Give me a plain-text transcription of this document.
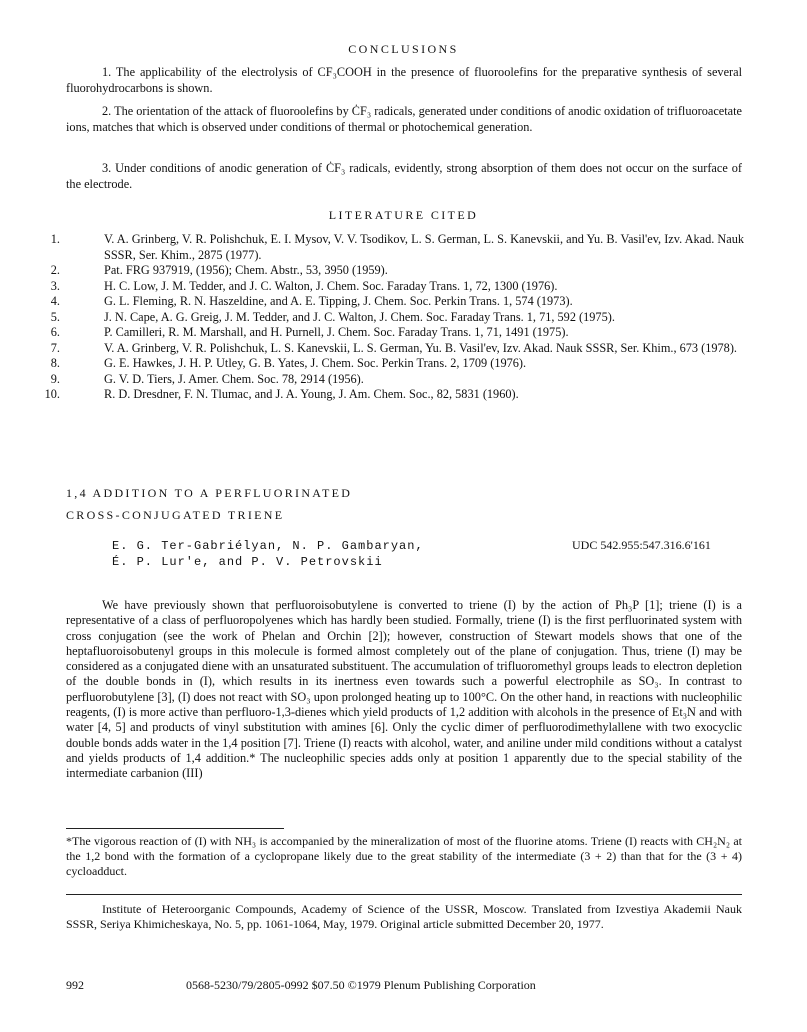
CONCLUSIONS
1. The applicability of the electrolysis of CF₃COOH in the presence of fluoroolefins for the preparative synthesis of several fluorohydrocarbons is shown.
2. The orientation of the attack of fluoroolefins by ĊF₃ radicals, generated under conditions of anodic oxidation of trifluoroacetate ions, matches that which is observed under conditions of thermal or photochemical generation.
3. Under conditions of anodic generation of ĊF₃ radicals, evidently, strong absorption of them does not occur on the surface of the electrode.
LITERATURE CITED
1.	V. A. Grinberg, V. R. Polishchuk, E. I. Mysov, V. V. Tsodikov, L. S. German, L. S. Kanevskii, and Yu. B. Vasil'ev, Izv. Akad. Nauk SSSR, Ser. Khim., 2875 (1977).
2.	Pat. FRG 937919, (1956); Chem. Abstr., 53, 3950 (1959).
3.	H. C. Low, J. M. Tedder, and J. C. Walton, J. Chem. Soc. Faraday Trans. 1, 72, 1300 (1976).
4.	G. L. Fleming, R. N. Haszeldine, and A. E. Tipping, J. Chem. Soc. Perkin Trans. 1, 574 (1973).
5.	J. N. Cape, A. G. Greig, J. M. Tedder, and J. C. Walton, J. Chem. Soc. Faraday Trans. 1, 71, 592 (1975).
6.	P. Camilleri, R. M. Marshall, and H. Purnell, J. Chem. Soc. Faraday Trans. 1, 71, 1491 (1975).
7.	V. A. Grinberg, V. R. Polishchuk, L. S. Kanevskii, L. S. German, Yu. B. Vasil'ev, Izv. Akad. Nauk SSSR, Ser. Khim., 673 (1978).
8.	G. E. Hawkes, J. H. P. Utley, G. B. Yates, J. Chem. Soc. Perkin Trans. 2, 1709 (1976).
9.	G. V. D. Tiers, J. Amer. Chem. Soc. 78, 2914 (1956).
10.	R. D. Dresdner, F. N. Tlumac, and J. A. Young, J. Am. Chem. Soc., 82, 5831 (1960).
1,4 ADDITION TO A PERFLUORINATED
CROSS-CONJUGATED TRIENE
E. G. Ter-Gabriélyan, N. P. Gambaryan,
É. P. Lur'e, and P. V. Petrovskii
UDC 542.955:547.316.6'161
We have previously shown that perfluoroisobutylene is converted to triene (I) by the action of Ph₃P [1]; triene (I) is a representative of a class of perfluoropolyenes which has hardly been studied. Formally, triene (I) is the first perfluorinated system with cross conjugation (see the work of Phelan and Orchin [2]); however, construction of Stewart models shows that one of the heptafluoroisobutenyl groups in this molecule is formed almost completely out of the plane of conjugation. Thus, triene (I) may be considered as a conjugated diene with an unsaturated substituent. The accumulation of trifluoromethyl groups leads to electron depletion of the double bonds in (I), which results in its inertness even towards such a powerful electrophile as SO₃. In contrast to perfluorobutylene [3], (I) does not react with SO₃ upon prolonged heating up to 100°C. On the other hand, in reactions with nucleophilic reagents, (I) is more active than perfluoro-1,3-dienes which yield products of 1,2 addition with alcohols in the presence of Et₃N and with water [4, 5] and products of vinyl substitution with amines [6]. Only the cyclic dimer of perfluorodimethylallene with two exocyclic double bonds adds water in the 1,4 position [7]. Triene (I) reacts with alcohol, water, and aniline under mild conditions without a catalyst and yields products of 1,4 addition.* The nucleophilic species adds only at position 1 apparently due to the special stability of the intermediate carbanion (III)
*The vigorous reaction of (I) with NH₃ is accompanied by the mineralization of most of the fluorine atoms. Triene (I) reacts with CH₂N₂ at the 1,2 bond with the formation of a cyclopropane likely due to the great stability of the intermediate (3 + 2) than that for the (3 + 4) cycloadduct.
Institute of Heteroorganic Compounds, Academy of Science of the USSR, Moscow. Translated from Izvestiya Akademii Nauk SSSR, Seriya Khimicheskaya, No. 5, pp. 1061-1064, May, 1979. Original article submitted December 20, 1977.
992	0568-5230/79/2805-0992 $07.50 ©1979 Plenum Publishing Corporation
